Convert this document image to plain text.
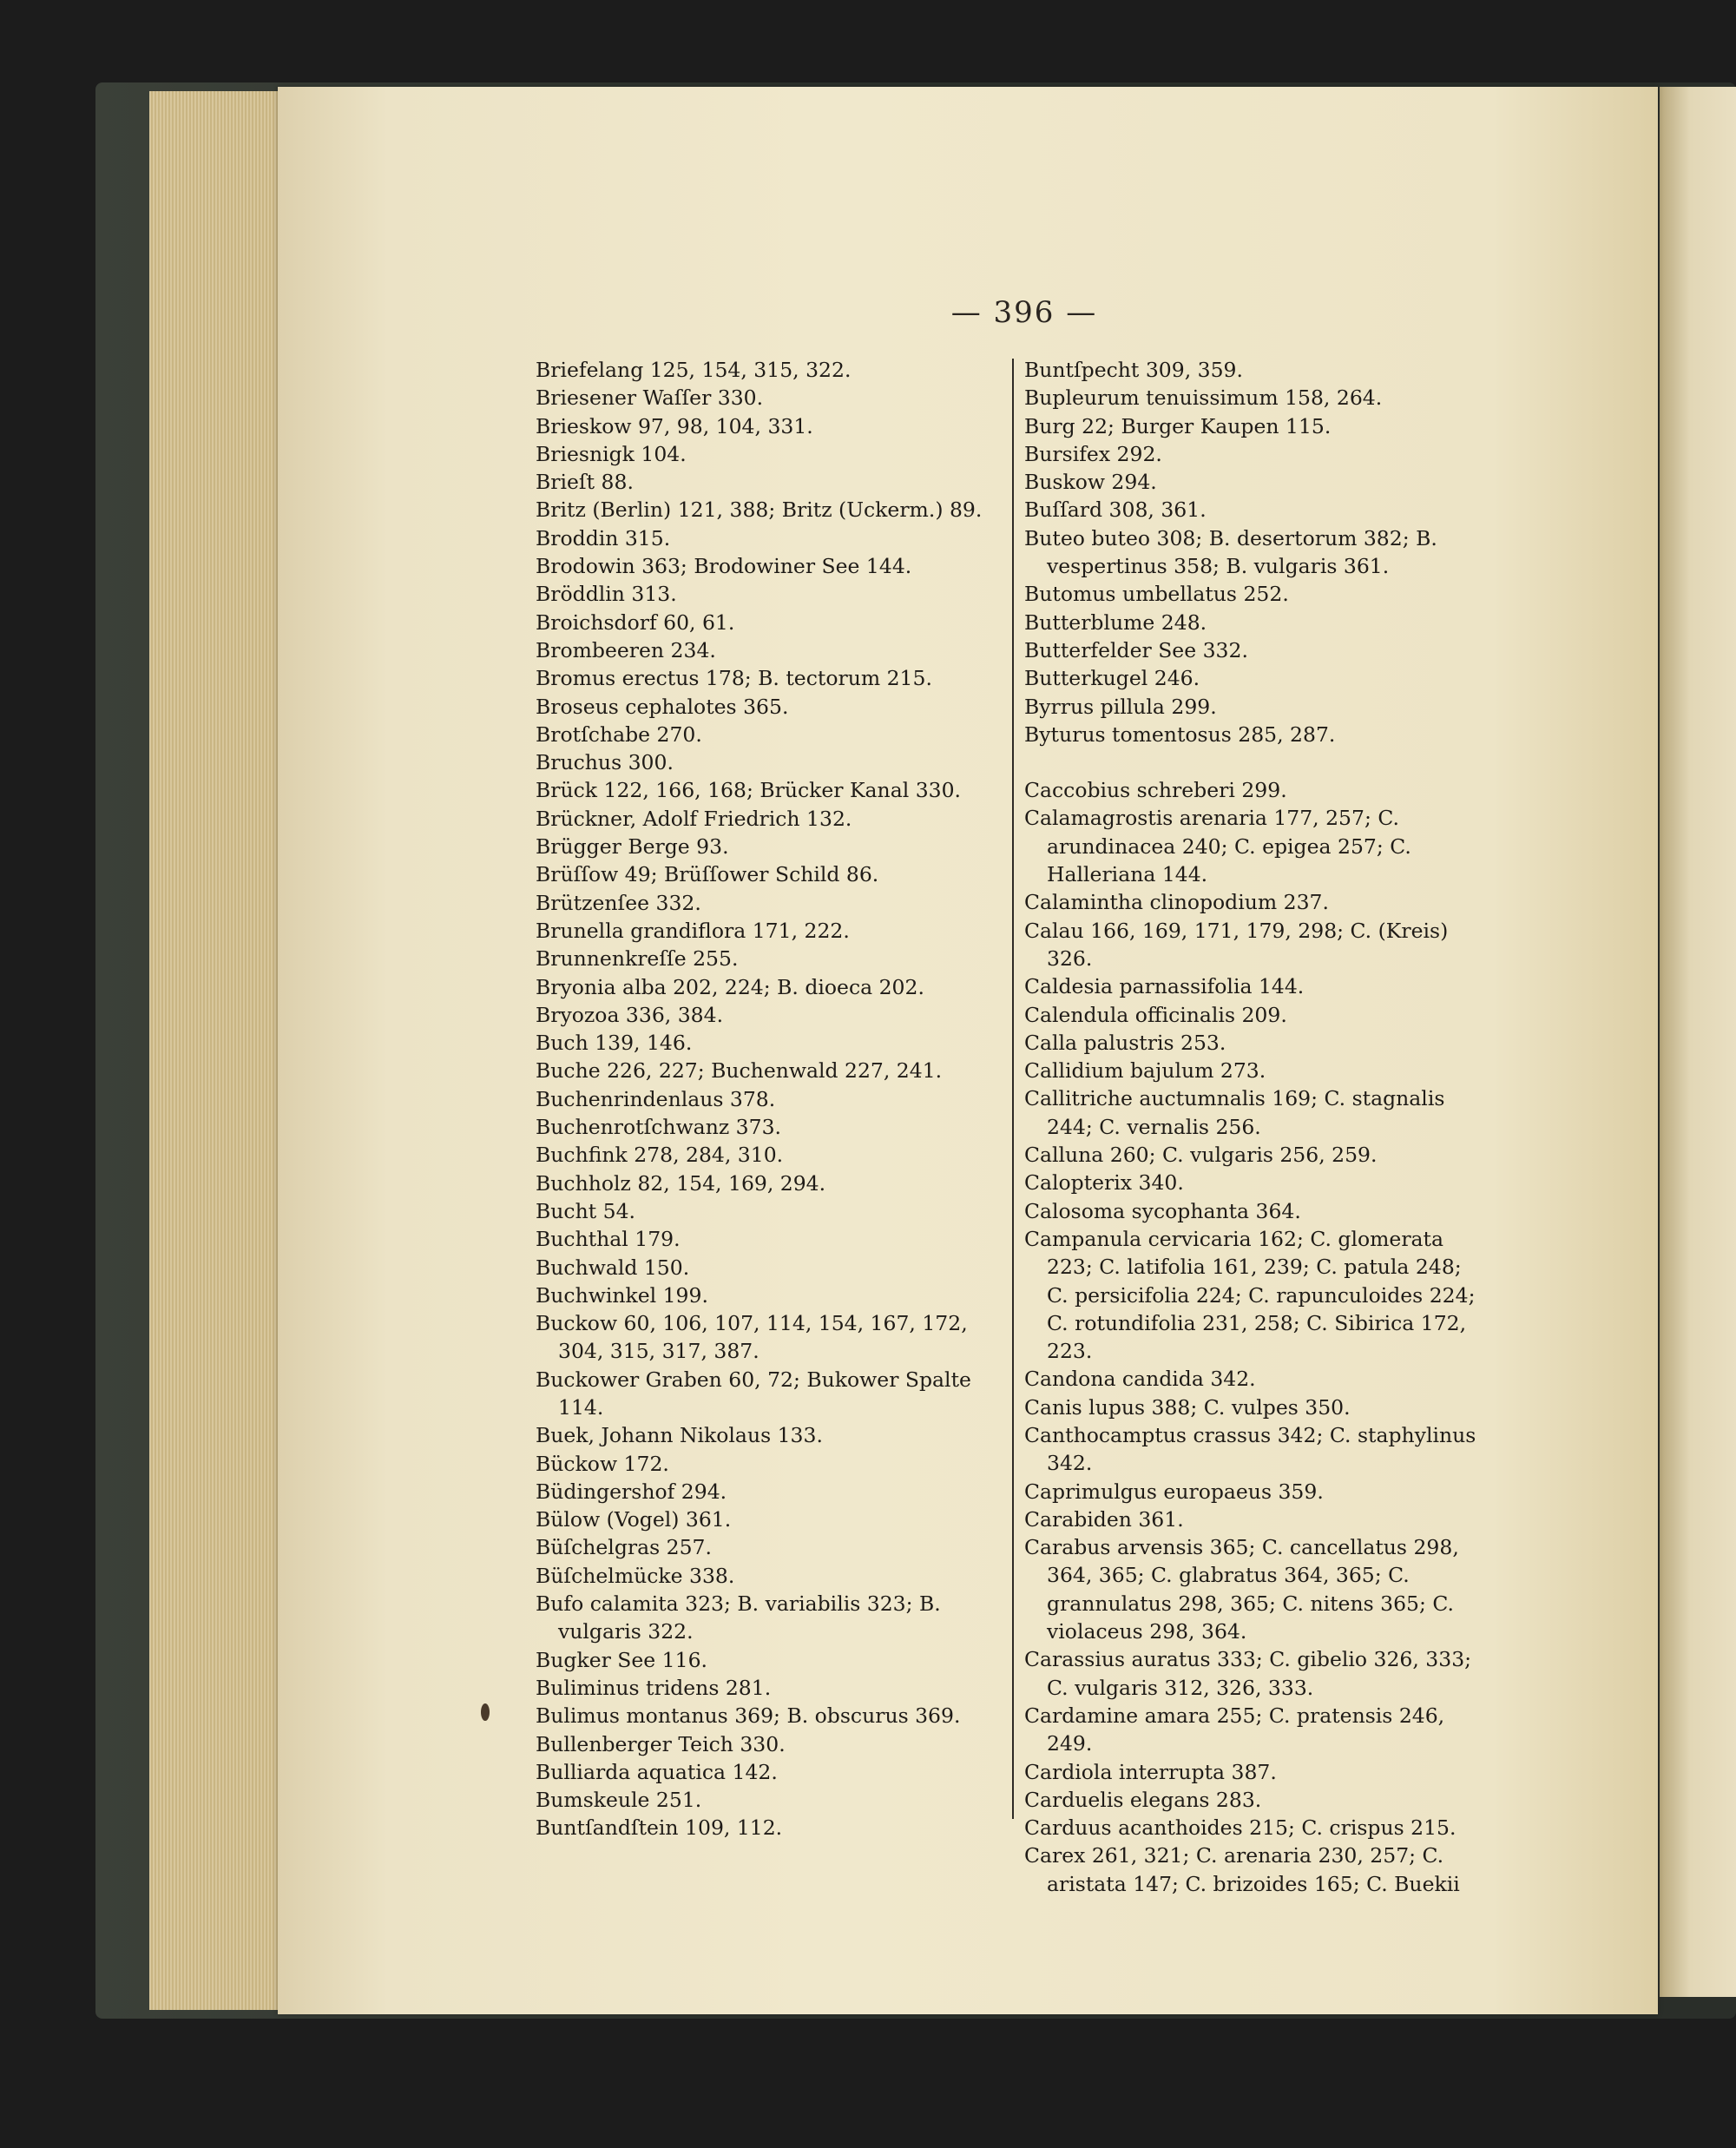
— 396 —
Briefelang 125, 154, 315, 322.
Briesener Waſſer 330.
Brieskow 97, 98, 104, 331.
Briesnigk 104.
Brieſt 88.
Britz (Berlin) 121, 388; Britz (Uckerm.) 89.
Broddin 315.
Brodowin 363; Brodowiner See 144.
Bröddlin 313.
Broichsdorf 60, 61.
Brombeeren 234.
Bromus erectus 178; B. tectorum 215.
Broseus cephalotes 365.
Brotſchabe 270.
Bruchus 300.
Brück 122, 166, 168; Brücker Kanal 330.
Brückner, Adolf Friedrich 132.
Brügger Berge 93.
Brüſſow 49; Brüſſower Schild 86.
Brützenſee 332.
Brunella grandiflora 171, 222.
Brunnenkreſſe 255.
Bryonia alba 202, 224; B. dioeca 202.
Bryozoa 336, 384.
Buch 139, 146.
Buche 226, 227; Buchenwald 227, 241.
Buchenrindenlaus 378.
Buchenrotſchwanz 373.
Buchfink 278, 284, 310.
Buchholz 82, 154, 169, 294.
Bucht 54.
Buchthal 179.
Buchwald 150.
Buchwinkel 199.
Buckow 60, 106, 107, 114, 154, 167, 172, 304, 315, 317, 387.
Buckower Graben 60, 72; Bukower Spalte 114.
Buek, Johann Nikolaus 133.
Bückow 172.
Büdingershof 294.
Bülow (Vogel) 361.
Büſchelgras 257.
Büſchelmücke 338.
Bufo calamita 323; B. variabilis 323; B. vulgaris 322.
Bugker See 116.
Buliminus tridens 281.
Bulimus montanus 369; B. obscurus 369.
Bullenberger Teich 330.
Bulliarda aquatica 142.
Bumskeule 251.
Buntſandſtein 109, 112.
Buntſpecht 309, 359.
Bupleurum tenuissimum 158, 264.
Burg 22; Burger Kaupen 115.
Bursifex 292.
Buskow 294.
Buſſard 308, 361.
Buteo buteo 308; B. desertorum 382; B. vespertinus 358; B. vulgaris 361.
Butomus umbellatus 252.
Butterblume 248.
Butterfelder See 332.
Butterkugel 246.
Byrrus pillula 299.
Byturus tomentosus 285, 287.
Caccobius schreberi 299.
Calamagrostis arenaria 177, 257; C. arundinacea 240; C. epigea 257; C. Halleriana 144.
Calamintha clinopodium 237.
Calau 166, 169, 171, 179, 298; C. (Kreis) 326.
Caldesia parnassifolia 144.
Calendula officinalis 209.
Calla palustris 253.
Callidium bajulum 273.
Callitriche auctumnalis 169; C. stagnalis 244; C. vernalis 256.
Calluna 260; C. vulgaris 256, 259.
Calopterix 340.
Calosoma sycophanta 364.
Campanula cervicaria 162; C. glomerata 223; C. latifolia 161, 239; C. patula 248; C. persicifolia 224; C. rapunculoides 224; C. rotundifolia 231, 258; C. Sibirica 172, 223.
Candona candida 342.
Canis lupus 388; C. vulpes 350.
Canthocamptus crassus 342; C. staphylinus 342.
Caprimulgus europaeus 359.
Carabiden 361.
Carabus arvensis 365; C. cancellatus 298, 364, 365; C. glabratus 364, 365; C. grannulatus 298, 365; C. nitens 365; C. violaceus 298, 364.
Carassius auratus 333; C. gibelio 326, 333; C. vulgaris 312, 326, 333.
Cardamine amara 255; C. pratensis 246, 249.
Cardiola interrupta 387.
Carduelis elegans 283.
Carduus acanthoides 215; C. crispus 215.
Carex 261, 321; C. arenaria 230, 257; C. aristata 147; C. brizoides 165; C. Buekii
